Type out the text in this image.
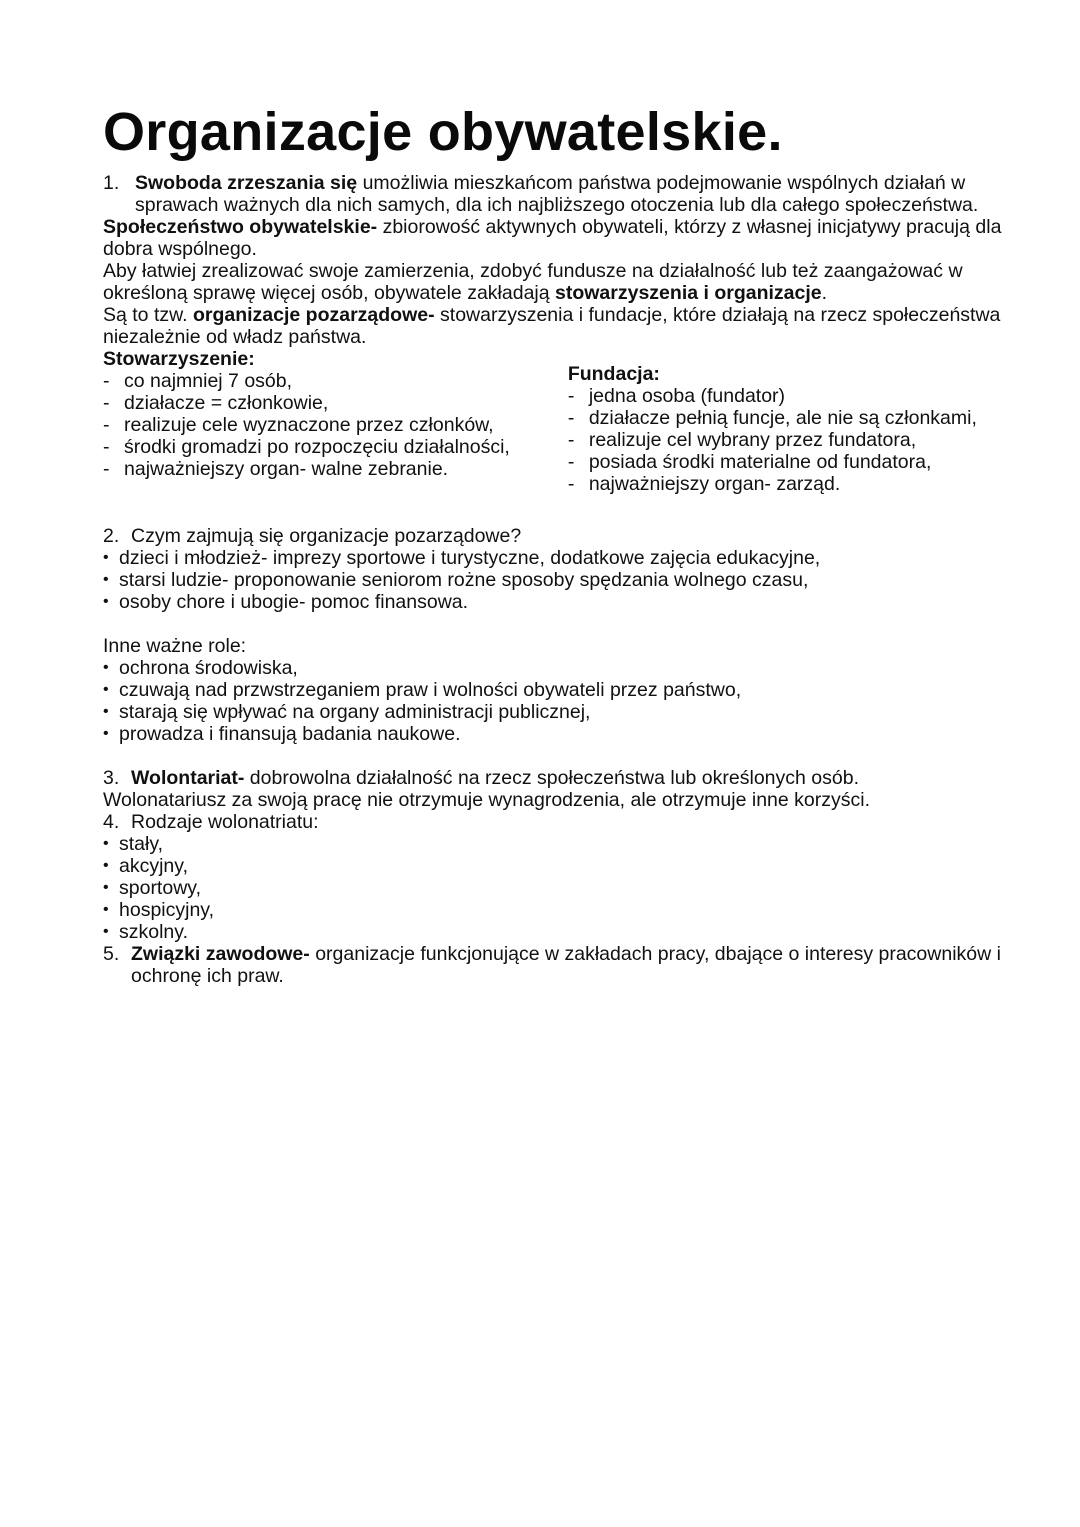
Organizacje obywatelskie.
1. Swoboda zrzeszania się umożliwia mieszkańcom państwa podejmowanie wspólnych działań w sprawach ważnych dla nich samych, dla ich najbliższego otoczenia lub dla całego społeczeństwa.

Społeczeństwo obywatelskie- zbiorowość aktywnych obywateli, którzy z własnej inicjatywy pracują dla dobra wspólnego.

Aby łatwiej zrealizować swoje zamierzenia, zdobyć fundusze na działalność lub też zaangażować w określoną sprawę więcej osób, obywatele zakładają stowarzyszenia i organizacje.

Są to tzw. organizacje pozarządowe- stowarzyszenia i fundacje, które działają na rzecz społeczeństwa niezależnie od władz państwa.

Stowarzyszenie:
- co najmniej 7 osób,
- działacze = członkowie,
- realizuje cele wyznaczone przez członków,
- środki gromadzi po rozpoczęciu działalności,
- najważniejszy organ- walne zebranie.
Fundacja:
- jedna osoba (fundator)
- działacze pełnią funcje, ale nie są członkami,
- realizuje cel wybrany przez fundatora,
- posiada środki materialne od fundatora,
- najważniejszy organ- zarząd.
2. Czym zajmują się organizacje pozarządowe?
• dzieci i młodzież- imprezy sportowe i turystyczne, dodatkowe zajęcia edukacyjne,
• starsi ludzie- proponowanie seniorom rożne sposoby spędzania wolnego czasu,
• osoby chore i ubogie- pomoc finansowa.

Inne ważne role:

• ochrona środowiska,
• czuwają nad przwstrzeganiem praw i wolności obywateli przez państwo,
• starają się wpływać na organy administracji publicznej,
• prowadza i finansują badania naukowe.
3. Wolontariat- dobrowolna działalność na rzecz społeczeństwa lub określonych osób.

Wolonatariusz za swoją pracę nie otrzymuje wynagrodzenia, ale otrzymuje inne korzyści.

4. Rodzaje wolonatriatu:
• stały,
• akcyjny,
• sportowy,
• hospicyjny,
• szkolny.
5. Związki zawodowe- organizacje funkcjonujące w zakładach pracy, dbające o interesy pracowników i ochronę ich praw.
